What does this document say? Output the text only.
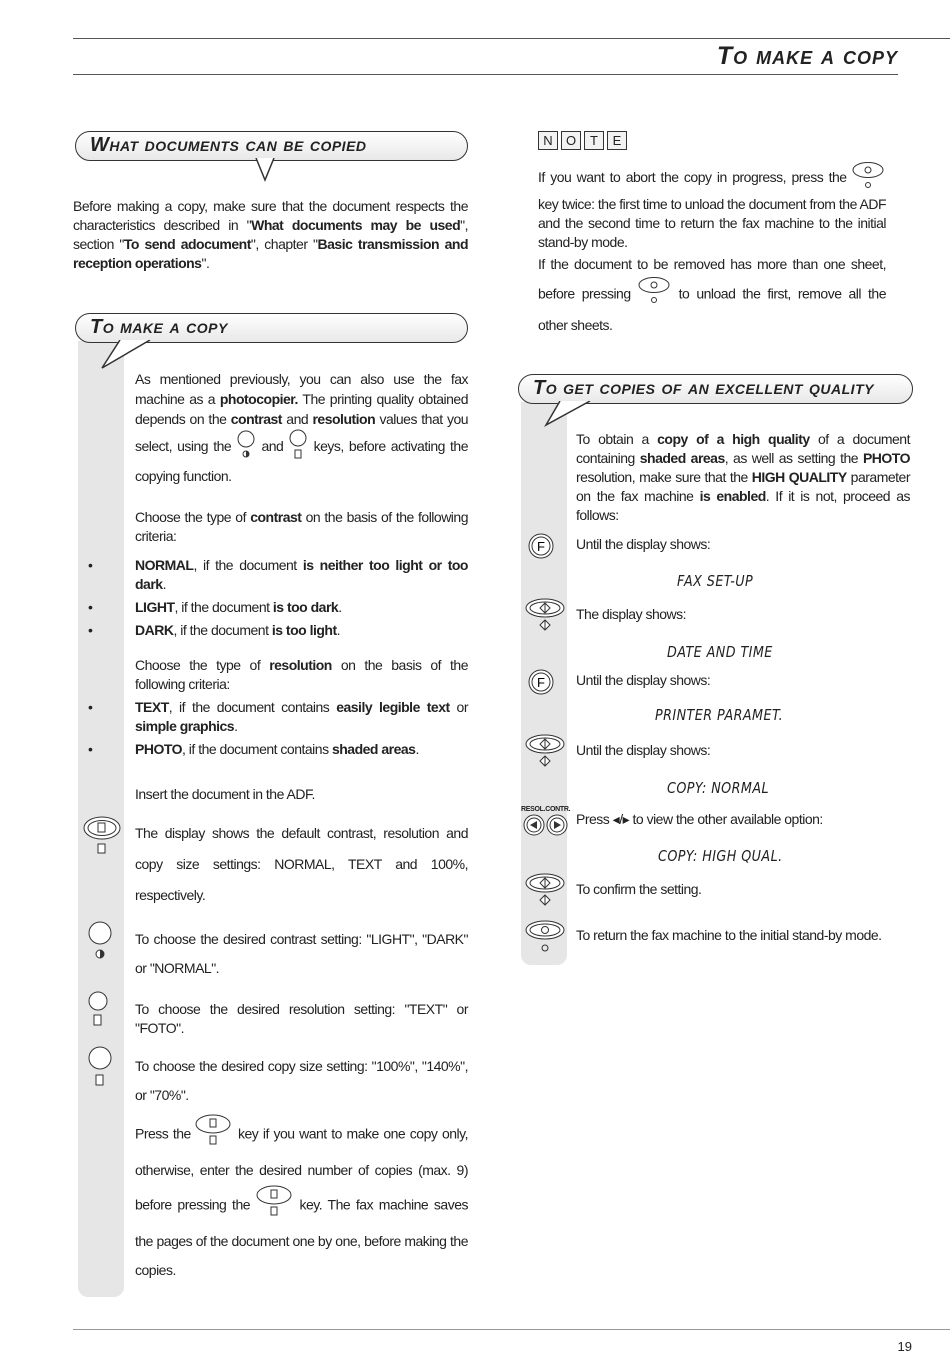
To make a copy
What documents can be copied
Before making a copy, make sure that the document respects the characteristics described in "What documents may be used", section "To send adocument", chapter "Basic transmission and reception operations".
To make a copy
As mentioned previously, you can also use the fax machine as a photocopier. The printing quality obtained depends on the contrast and resolution values that you select, using the  and  keys, before activating the copying function.
Choose the type of contrast on the basis of the following criteria:
•	NORMAL, if the document is neither too light or too dark.
•	LIGHT, if the document is too dark.
•	DARK, if the document is too light.
Choose the type of resolution on the basis of the following criteria:
•	TEXT, if the document contains easily legible text or simple graphics.
•	PHOTO, if the document contains shaded areas.
Insert the document in the ADF.
The display shows the default contrast, resolution and copy size settings: NORMAL, TEXT and 100%, respectively.
To choose the desired contrast setting: "LIGHT", "DARK" or "NORMAL".
To choose the desired resolution setting: "TEXT" or "FOTO".
To choose the desired copy size setting: "100%", "140%", or "70%".
Press the	key if you want to make one copy only, otherwise, enter the desired number of copies (max. 9) before pressing the	key. The fax machine saves the pages of the document one by one, before making the copies.
N	O	T	E
If you want to abort the copy in progress, press the  key twice: the first time to unload the document from the ADF and the second time to return the fax machine to the initial stand-by mode.
If the document to be removed has more than one sheet, before pressing  to unload the first, remove all the other sheets.
To get copies of an excellent quality
To obtain a copy of a high quality of a document containing shaded areas, as well as setting the PHOTO resolution, make sure that the HIGH QUALITY parameter on the fax machine is enabled. If it is not, proceed as follows:
F Until the display shows:
FAX SET-UP
The display shows:
DATE AND TIME
F Until the display shows:
PRINTER PARAMET.
Until the display shows:
COPY: NORMAL
RESOL.CONTR.
Press ◂/▸ to view the other available option:
COPY: HIGH QUAL.
To confirm the setting.
To return the fax machine to the initial stand-by mode.
19
